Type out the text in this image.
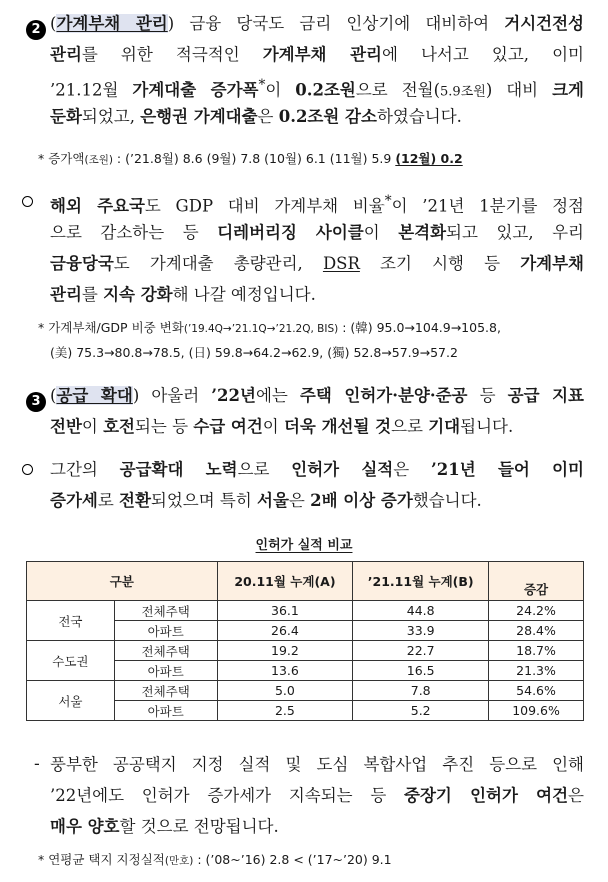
2 (가계부채 관리) 금융 당국도 금리 인상기에 대비하여 거시건전성

관리를 위한 적극적인 가계부채 관리에 나서고 있고, 이미

’21.12월 가계대출 증가폭*이 0.2조원으로 전월(5.9조원) 대비 크게

둔화되었고, 은행권 가계대출은 0.2조원 감소하였습니다.

* 증가액(조원) : (’21.8월) 8.6 (9월) 7.8 (10월) 6.1 (11월) 5.9 (12월) 0.2

해외 주요국도 GDP 대비 가계부채 비율*이 ’21년 1분기를 정점

으로 감소하는 등 디레버리징 사이클이 본격화되고 있고, 우리

금융당국도 가계대출 총량관리, DSR 조기 시행 등 가계부채

관리를 지속 강화해 나갈 예정입니다.

* 가계부채/GDP 비중 변화(’19.4Q→’21.1Q→’21.2Q, BIS) : (韓) 95.0→104.9→105.8,

(美) 75.3→80.8→78.5, (日) 59.8→64.2→62.9, (獨) 52.8→57.9→57.2

3 (공급 확대) 아울러 ’22년에는 주택 인허가·분양·준공 등 공급 지표

전반이 호전되는 등 수급 여건이 더욱 개선될 것으로 기대됩니다.

그간의 공급확대 노력으로 인허가 실적은 ’21년 들어 이미

증가세로 전환되었으며 특히 서울은 2배 이상 증가했습니다.

인허가 실적 비교
구분		20.11월 누계(A)	’21.11월 누계(B)	증감
전국	전체주택	36.1	44.8	24.2%
	아파트	26.4	33.9	28.4%
수도권	전체주택	19.2	22.7	18.7%
	아파트	13.6	16.5	21.3%
서울	전체주택	5.0	7.8	54.6%
	아파트	2.5	5.2	109.6%
- 풍부한 공공택지 지정 실적 및 도심 복합사업 추진 등으로 인해

’22년에도 인허가 증가세가 지속되는 등 중장기 인허가 여건은

매우 양호할 것으로 전망됩니다.

* 연평균 택지 지정실적(만호) : (’08~’16) 2.8 < (’17~’20) 9.1
